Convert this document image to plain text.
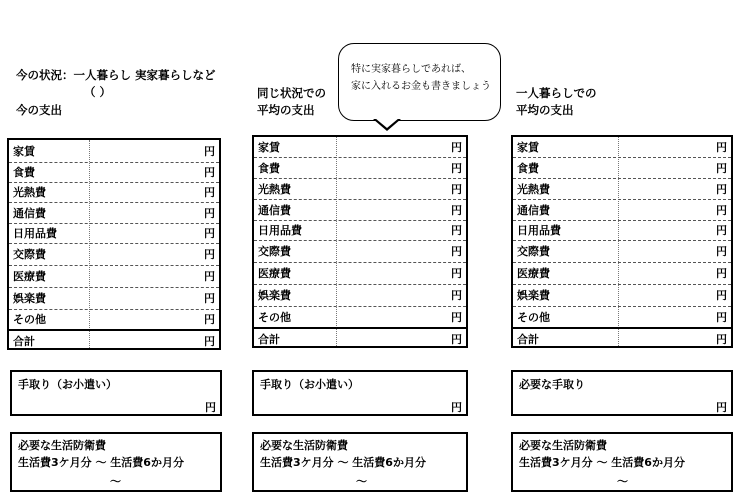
今の状況：一人暮らし 実家暮らしなど
（ ）
今の支出
同じ状況での
平均の支出
一人暮らしでの
平均の支出
特に実家暮らしであれば、
家に入れるお金も書きましょう
家賃	円
食費	円
光熱費	円
通信費	円
日用品費	円
交際費	円
医療費	円
娯楽費	円
その他	円
合計	円
家賃	円
食費	円
光熱費	円
通信費	円
日用品費	円
交際費	円
医療費	円
娯楽費	円
その他	円
合計	円
家賃	円
食費	円
光熱費	円
通信費	円
日用品費	円
交際費	円
医療費	円
娯楽費	円
その他	円
合計	円
手取り（お小遣い）
円
手取り（お小遣い）
円
必要な手取り
円
必要な生活防衛費
生活費3ケ月分 ～ 生活費6か月分
～
必要な生活防衛費
生活費3ケ月分 ～ 生活費6か月分
～
必要な生活防衛費
生活費3ケ月分 ～ 生活費6か月分
～
